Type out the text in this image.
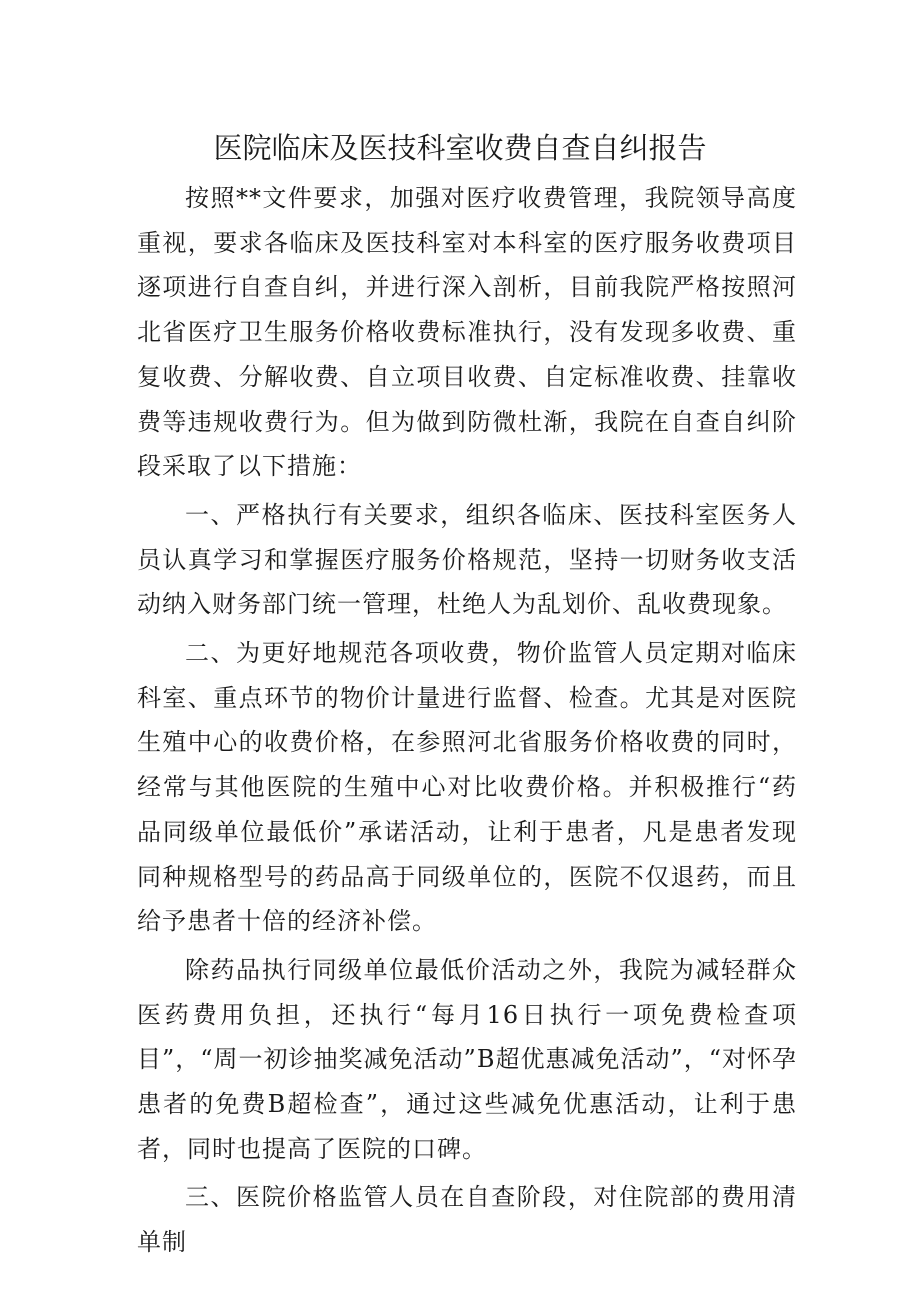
医院临床及医技科室收费自查自纠报告

按照**文件要求，加强对医疗收费管理，我院领导高度重视，要求各临床及医技科室对本科室的医疗服务收费项目逐项进行自查自纠，并进行深入剖析，目前我院严格按照河北省医疗卫生服务价格收费标准执行，没有发现多收费、重复收费、分解收费、自立项目收费、自定标准收费、挂靠收费等违规收费行为。但为做到防微杜渐，我院在自查自纠阶段采取了以下措施：

一、严格执行有关要求，组织各临床、医技科室医务人员认真学习和掌握医疗服务价格规范，坚持一切财务收支活动纳入财务部门统一管理，杜绝人为乱划价、乱收费现象。

二、为更好地规范各项收费，物价监管人员定期对临床科室、重点环节的物价计量进行监督、检查。尤其是对医院生殖中心的收费价格，在参照河北省服务价格收费的同时，经常与其他医院的生殖中心对比收费价格。并积极推行“药品同级单位最低价”承诺活动，让利于患者，凡是患者发现同种规格型号的药品高于同级单位的，医院不仅退药，而且给予患者十倍的经济补偿。

除药品执行同级单位最低价活动之外，我院为减轻群众医药费用负担，还执行“每月16日执行一项免费检查项目”，“周一初诊抽奖减免活动”B超优惠减免活动”，“对怀孕患者的免费B超检查”，通过这些减免优惠活动，让利于患者，同时也提高了医院的口碑。

三、医院价格监管人员在自查阶段，对住院部的费用清单制
